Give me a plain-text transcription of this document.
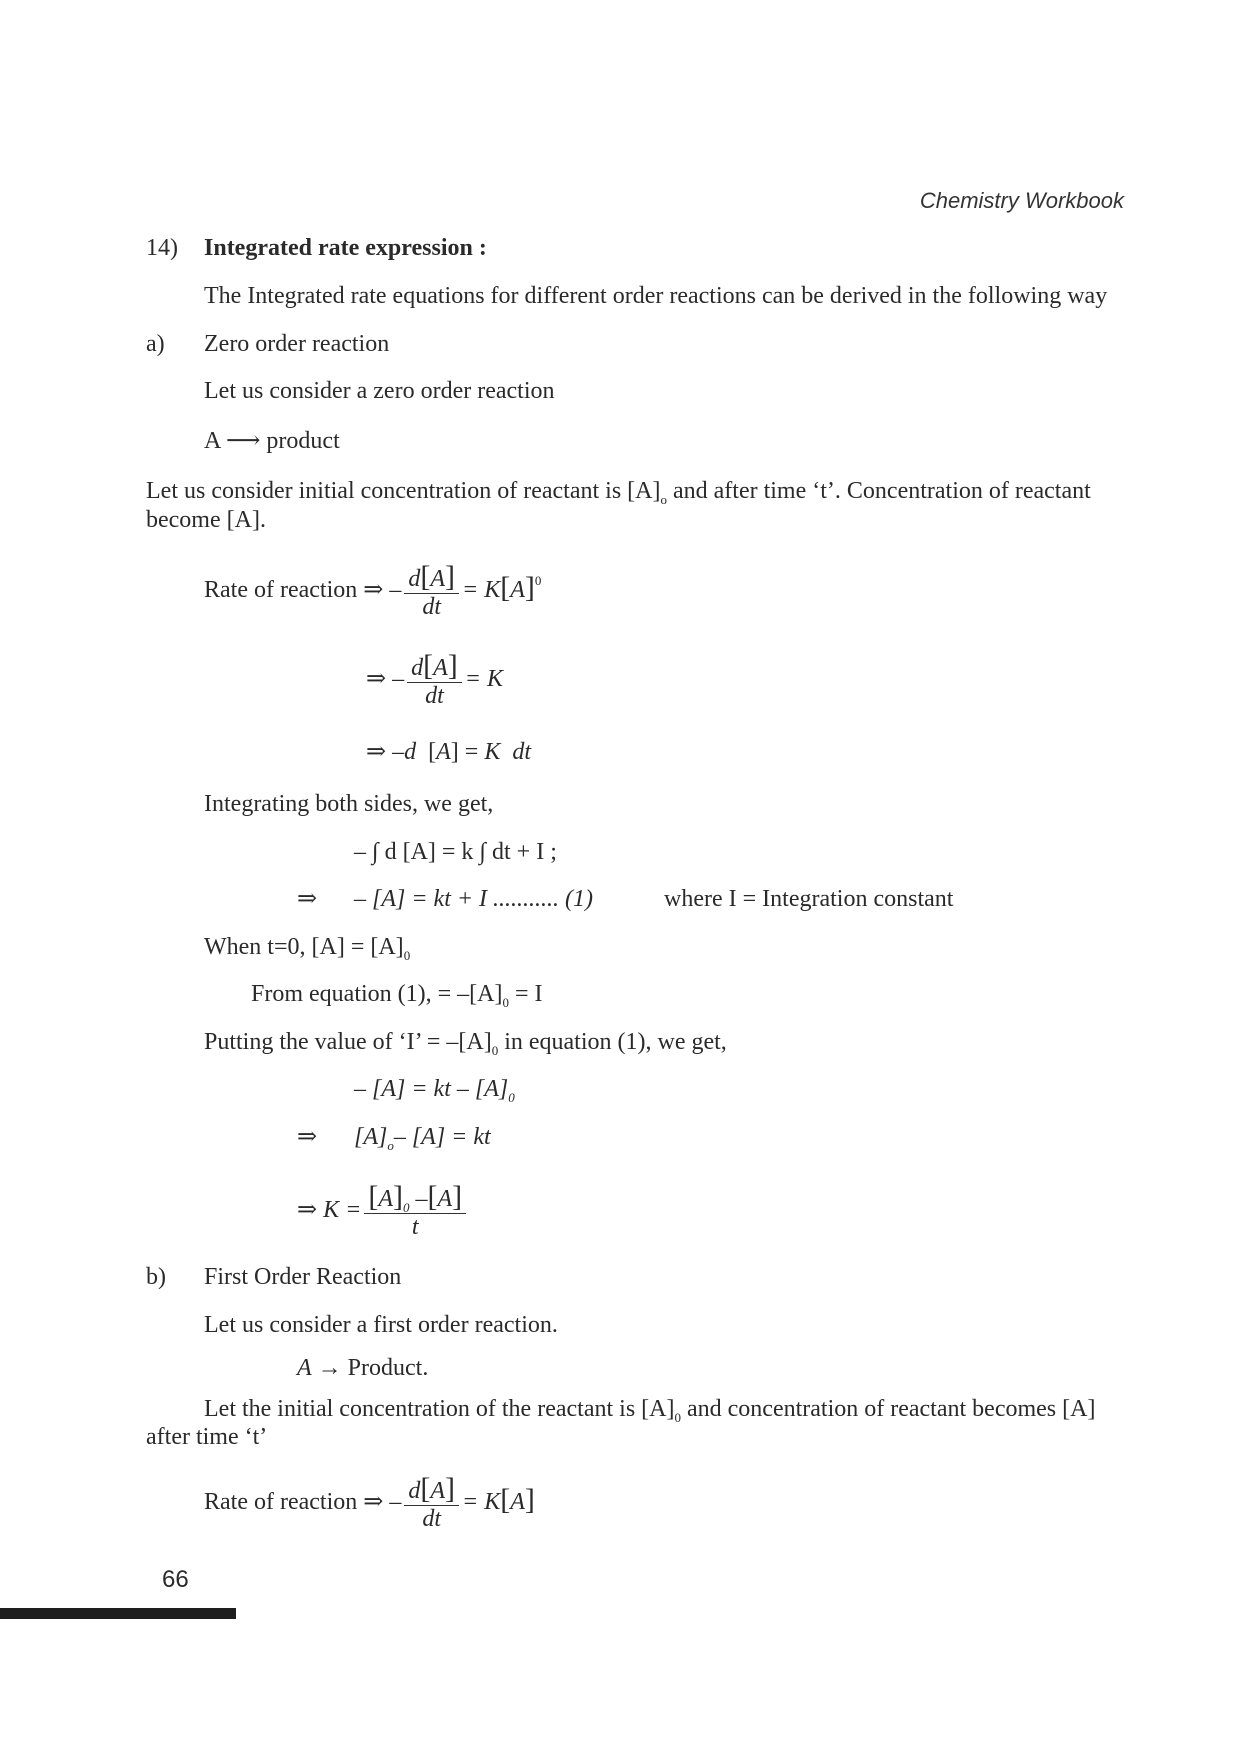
Chemistry Workbook
14) Integrated rate expression :
The Integrated rate equations for different order reactions can be derived in the following way
a) Zero order reaction
Let us consider a zero order reaction
A ⟶ product
Let us consider initial concentration of reactant is $[A]_o$ and after time ‘t’. Concentration of reactant
become [A].
Rate of reaction ⇒ – $\frac{d[A]}{dt} = K[A]^0$
⇒ – $\frac{d[A]}{dt} = K$
⇒ –d  [A] = K dt
Integrating both sides, we get,
– ∫ d [A] = k ∫ dt + I ;
⇒ – [A] = kt + I ........... (1)	where I = Integration constant
When t=0, $[A] = [A]_0$
From equation (1), = $-[A]_0 = I$
Putting the value of ‘I’ = $-[A]_0$ in equation (1), we get,
– [A] = kt – $[A]_0$
⇒ $[A]_o-$ [A] = kt
⇒ $K = \frac{[A]_0 -[A]}{t}$
b) First Order Reaction
Let us consider a first order reaction.
A → Product.
Let the initial concentration of the reactant is $[A]_0$ and concentration of reactant becomes [A]
after time ‘t’
Rate of reaction ⇒ – $\frac{d[A]}{dt} = K[A]$
66
